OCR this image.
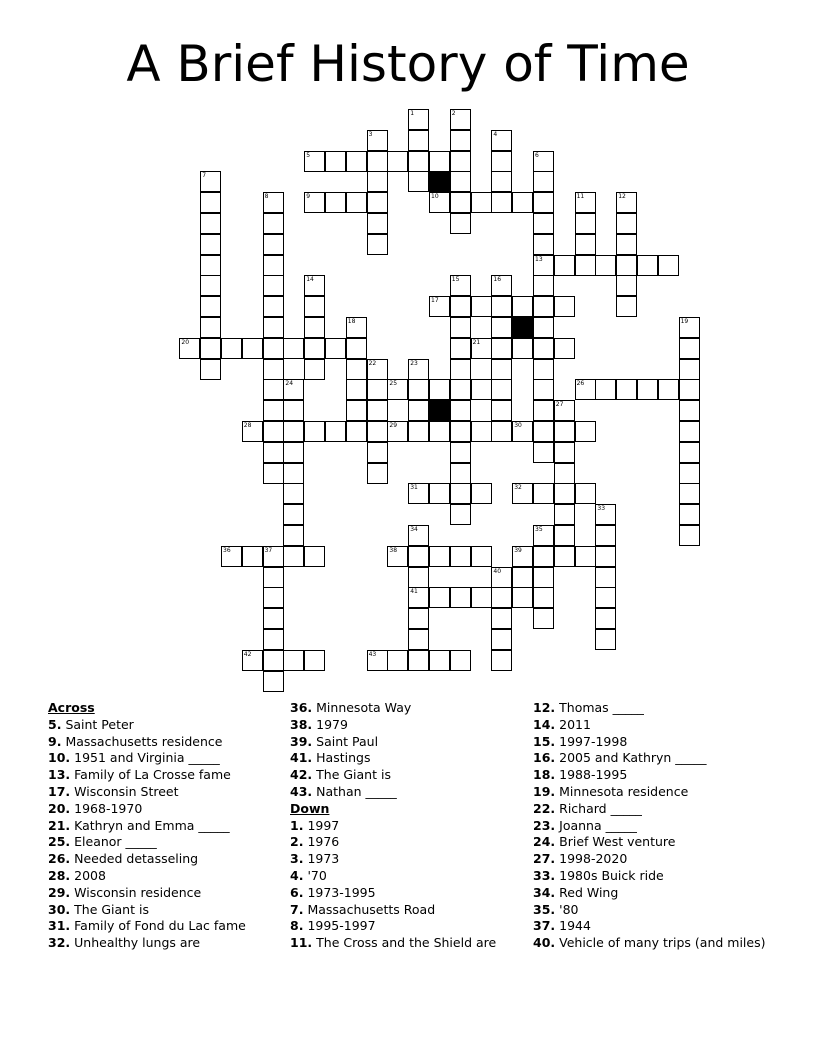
A Brief History of Time
1	2
3	4
5	6
7
8	9	10	11	12
13
14	15	16
17
18	19
20	21
22	23
24	25	26
27
28	29	30
31	32
33
34	35
36	37	38	39
40
41
42	43
Across
5. Saint Peter
9. Massachusetts residence
10. 1951 and Virginia _____
13. Family of La Crosse fame
17. Wisconsin Street
20. 1968-1970
21. Kathryn and Emma _____
25. Eleanor _____
26. Needed detasseling
28. 2008
29. Wisconsin residence
30. The Giant is
31. Family of Fond du Lac fame
32. Unhealthy lungs are
36. Minnesota Way
38. 1979
39. Saint Paul
41. Hastings
42. The Giant is
43. Nathan _____
Down
1. 1997
2. 1976
3. 1973
4. '70
6. 1973-1995
7. Massachusetts Road
8. 1995-1997
11. The Cross and the Shield are
12. Thomas _____
14. 2011
15. 1997-1998
16. 2005 and Kathryn _____
18. 1988-1995
19. Minnesota residence
22. Richard _____
23. Joanna _____
24. Brief West venture
27. 1998-2020
33. 1980s Buick ride
34. Red Wing
35. '80
37. 1944
40. Vehicle of many trips (and miles)
